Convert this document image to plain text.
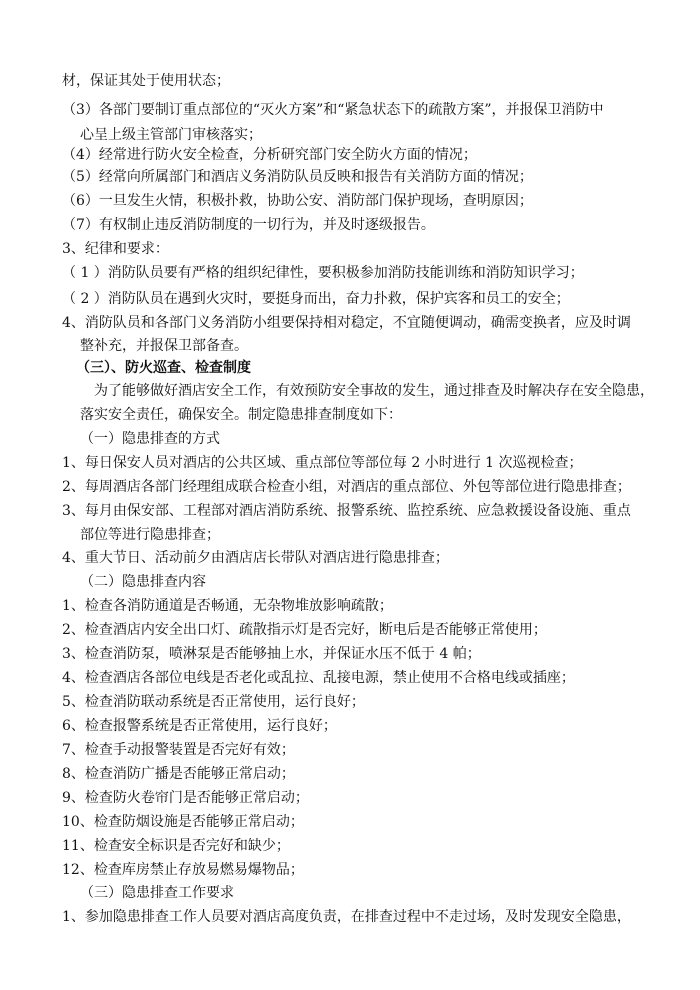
材，保证其处于使用状态；
（3）各部门要制订重点部位的“灭火方案”和“紧急状态下的疏散方案”，并报保卫消防中
心呈上级主管部门审核落实；
（4）经常进行防火安全检查，分析研究部门安全防火方面的情况；
（5）经常向所属部门和酒店义务消防队员反映和报告有关消防方面的情况；
（6）一旦发生火情，积极扑救，协助公安、消防部门保护现场，查明原因；
（7）有权制止违反消防制度的一切行为，并及时逐级报告。
3、纪律和要求：
（ 1 ）消防队员要有严格的组织纪律性，要积极参加消防技能训练和消防知识学习；
（ 2 ）消防队员在遇到火灾时，要挺身而出，奋力扑救，保护宾客和员工的安全；
4、消防队员和各部门义务消防小组要保持相对稳定，不宜随便调动，确需变换者，应及时调
整补充，并报保卫部备查。
（三）、防火巡查、检查制度
为了能够做好酒店安全工作，有效预防安全事故的发生，通过排查及时解决存在安全隐患，
落实安全责任，确保安全。制定隐患排查制度如下：
（一）隐患排查的方式
1、每日保安人员对酒店的公共区域、重点部位等部位每 2 小时进行 1 次巡视检查；
2、每周酒店各部门经理组成联合检查小组，对酒店的重点部位、外包等部位进行隐患排查；
3、每月由保安部、工程部对酒店消防系统、报警系统、监控系统、应急救援设备设施、重点
部位等进行隐患排查；
4、重大节日、活动前夕由酒店店长带队对酒店进行隐患排查；
（二）隐患排查内容
1、检查各消防通道是否畅通，无杂物堆放影响疏散；
2、检查酒店内安全出口灯、疏散指示灯是否完好，断电后是否能够正常使用；
3、检查消防泵，喷淋泵是否能够抽上水，并保证水压不低于 4 帕；
4、检查酒店各部位电线是否老化或乱拉、乱接电源，禁止使用不合格电线或插座；
5、检查消防联动系统是否正常使用，运行良好；
6、检查报警系统是否正常使用，运行良好；
7、检查手动报警装置是否完好有效；
8、检查消防广播是否能够正常启动；
9、检查防火卷帘门是否能够正常启动；
10、检查防烟设施是否能够正常启动；
11、检查安全标识是否完好和缺少；
12、检查库房禁止存放易燃易爆物品；
（三）隐患排查工作要求
1、参加隐患排查工作人员要对酒店高度负责，在排查过程中不走过场，及时发现安全隐患，
